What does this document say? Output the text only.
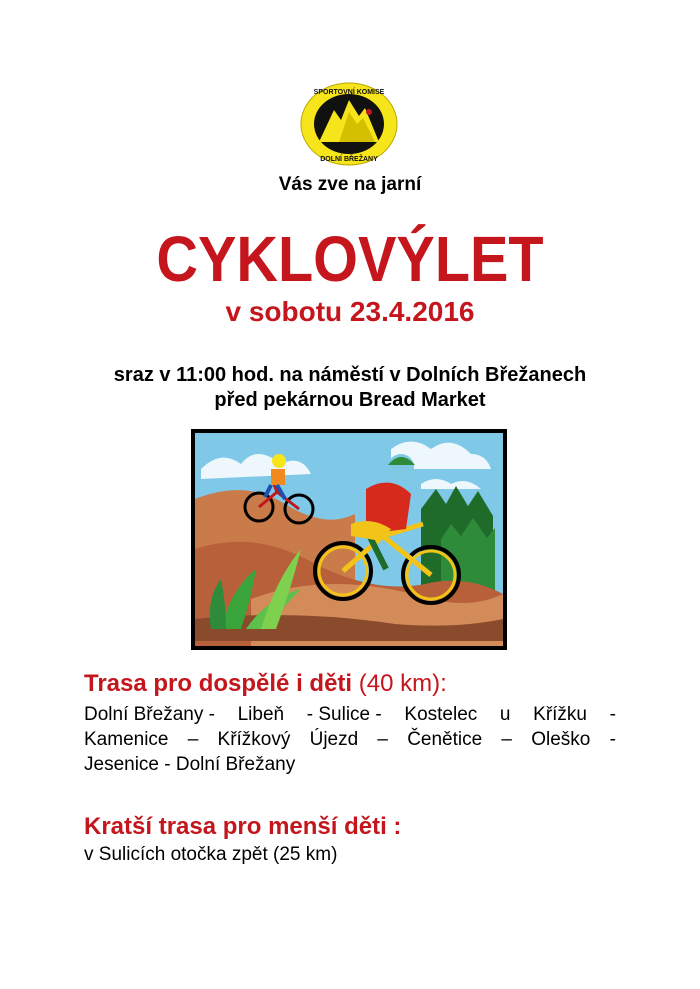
SPORTOVNÍ KOMISE
DOLNÍ BŘEŽANY
Vás zve na jarní
CYKLOVÝLET
v sobotu 23.4.2016
sraz v 11:00 hod. na náměstí v Dolních Břežanech
před pekárnou Bread Market
Trasa pro dospělé i děti (40 km):
Dolní Břežany - Libeň - Sulice - Kostelec u Křížku -
Kamenice – Křížkový Újezd – Čenětice – Oleško -
Jesenice - Dolní Břežany
Kratší trasa pro menší děti :
v Sulicích otočka zpět (25 km)
